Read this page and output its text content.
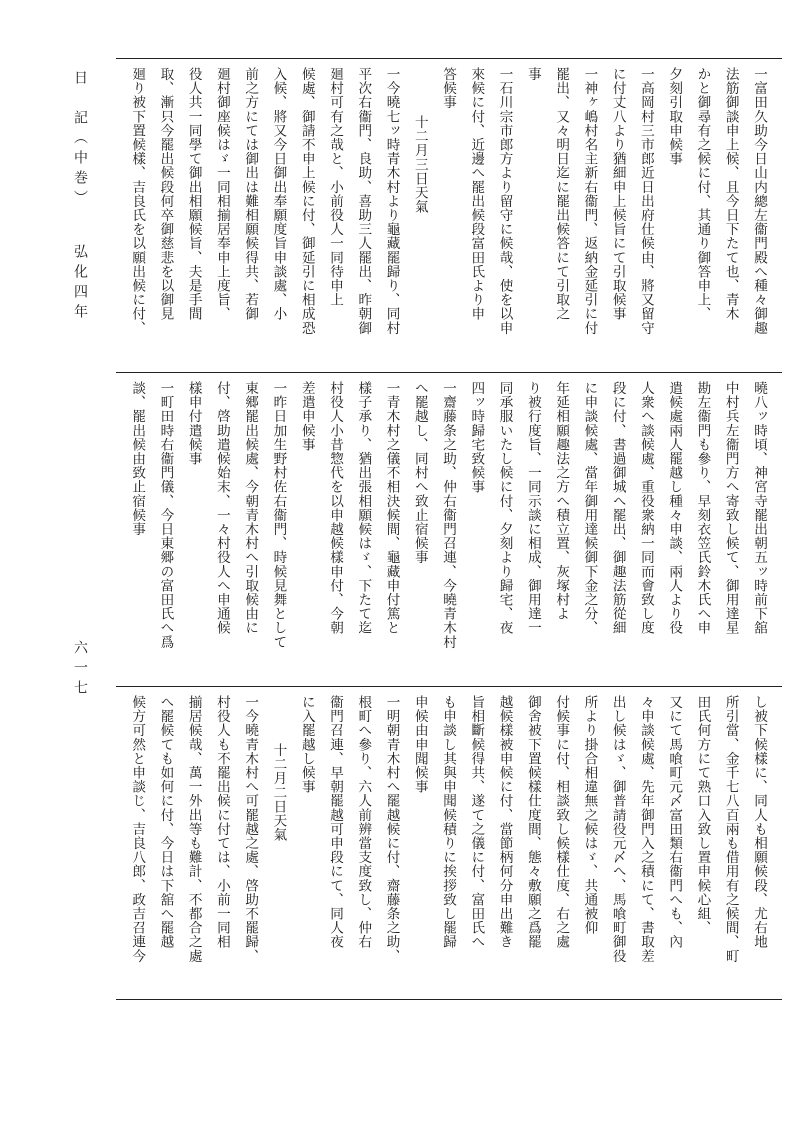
一富田久助今日山内總左衞門殿へ種々御趣
法筋御談申上候、且今日下たて也、青木
かと御尋有之候に付、其通り御答申上、
夕刻引取申候事
一高岡村三市郎近日出府仕候由、將又留守
に付丈八より猶細申上候旨にて引取候事
一神ヶ嶋村名主新右衞門、返納金延引に付
罷出、又々明日迄に罷出候答にて引取之
事
一石川宗市郎方より留守に候哉、使を以申
來候に付、近邊へ罷出候段富田氏より申
答候事
十二月三日天氣
一今曉七ッ時青木村より龜藏罷歸り、同村
平次右衞門、良助、喜助三人罷出、昨朝御
廻村可有之哉と、小前役人一同待申上
候處、御請不申上候に付、御延引に相成恐
入候、將又今日御出奉願度旨申談處、小
前之方にては御出は難相願候得共、若御
廻村御座候はゞ一同相揃居奉申上度旨、
役人共一同學て御出相願候旨、夫是手間
取、漸只今罷出候段何卒御慈悲を以御見
廻り被下置候樣、吉良氏を以願出候に付、
曉八ッ時頃、神宮寺罷出朝五ッ時前下舘
中村兵左衞門方へ寄致し候て、御用達星
勘左衞門も參り、早刻衣笠氏鈴木氏へ申
遣候處兩人罷越し種々申談、兩人より役
人衆へ談候處、重役衆納一同而會致し度
段に付、書過御城へ罷出、御趣法筋從細
に申談候處、當年御用達候御下金之分、
年延相願趣法之方へ積立置、灰塚村よ
り被行度旨、一同示談に相成、御用達一
同承服いたし候に付、夕刻より歸宅、夜
四ッ時歸宅致候事
一齋藤条之助、仲右衞門召連、今曉青木村
へ罷越し、同村へ致止宿候事
一青木村之儀不相決候間、龜藏申付篤と
樣子承り、猶出張相願候はゞ、下たて迄
村役人小昔惣代を以申越候樣申付、今朝
差遣申候事
一昨日加生野村佐右衞門、時候見舞として
東郷罷出候處、今朝青木村へ引取候由に
付、啓助遣候始末、一々村役人へ申通候
樣申付遣候事
一町田時右衞門儀、今日東郷の富田氏へ爲
談、罷出候由致止宿候事
し被下候樣に、同人も相願候段、尤右地
所引當、金千七八百兩も借用有之候間、町
田氏何方にて熟口入致し置申候心組、
又にて馬喰町元〆富田類右衞門へも、內
々申談候處、先年御門入之積にて、書取差
出し候はゞ、御普請役元〆へ、馬喰町御役
所より掛合相違無之候はゞ、共通被仰
付候事に付、相談致し候樣仕度、右之處
御舍被下置候樣仕度間、態々敷願之爲罷
越候樣被申候に付、當節柄何分申出難き
旨相斷候得共、遂て之儀に付、富田氏へ
も申談し其與申聞候積りに挨拶致し罷歸
申候由申聞候事
一明朝青木村へ罷越候に付、齋藤条之助、
根町へ參り、六人前辨當支度致し、仲右
衞門召連、早朝罷越可申段にて、同人夜
に入罷越し候事
十二月二日天氣
一今曉青木村へ可罷越之處、啓助不罷歸、
村役人も不罷出候に付ては、小前一同相
揃居候哉、萬一外出等も難計、不都合之處
へ罷候ても如何に付、今日は下舘へ罷越
候方可然と申談じ、吉良八郎、政吉召連今
日　記（中巻）
弘化四年
六一七
